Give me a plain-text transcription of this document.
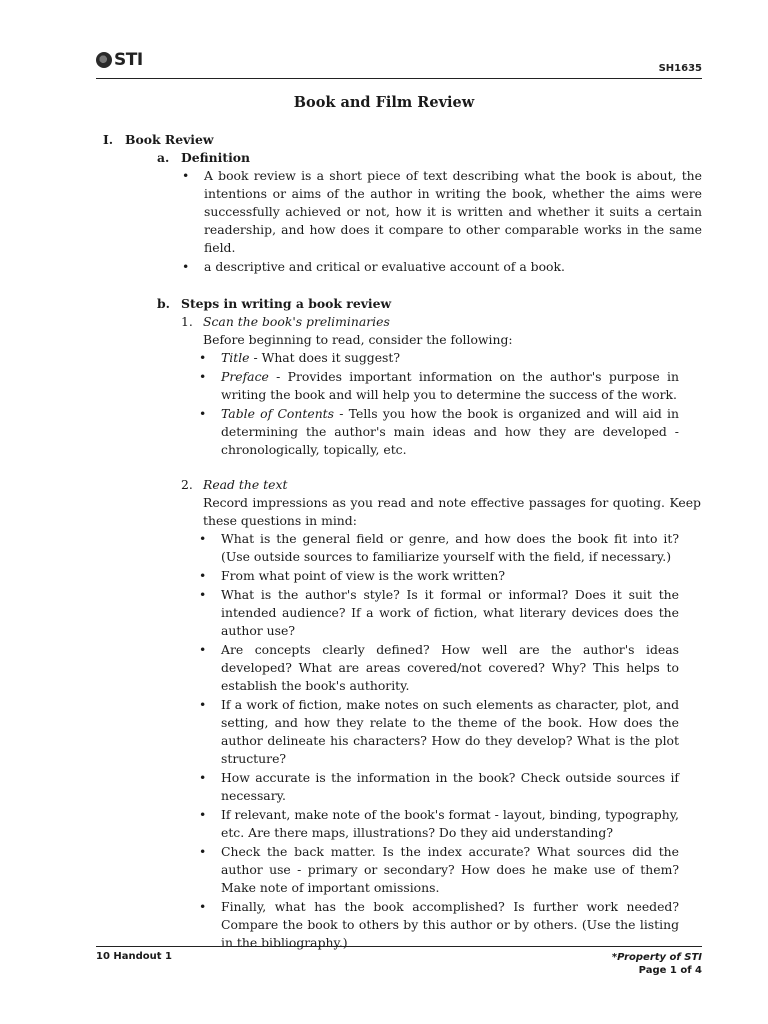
STI	SH1635
Book and Film Review
I. Book Review
a. Definition
• A book review is a short piece of text describing what the book is about, the intentions or aims of the author in writing the book, whether the aims were successfully achieved or not, how it is written and whether it suits a certain readership, and how does it compare to other comparable works in the same field.
• a descriptive and critical or evaluative account of a book.
b. Steps in writing a book review
1. Scan the book's preliminaries
Before beginning to read, consider the following:
• Title - What does it suggest?
• Preface - Provides important information on the author's purpose in writing the book and will help you to determine the success of the work.
• Table of Contents - Tells you how the book is organized and will aid in determining the author's main ideas and how they are developed - chronologically, topically, etc.
2. Read the text
Record impressions as you read and note effective passages for quoting. Keep these questions in mind:
• What is the general field or genre, and how does the book fit into it? (Use outside sources to familiarize yourself with the field, if necessary.)
• From what point of view is the work written?
• What is the author's style? Is it formal or informal? Does it suit the intended audience? If a work of fiction, what literary devices does the author use?
• Are concepts clearly defined? How well are the author's ideas developed? What are areas covered/not covered? Why? This helps to establish the book's authority.
• If a work of fiction, make notes on such elements as character, plot, and setting, and how they relate to the theme of the book. How does the author delineate his characters? How do they develop? What is the plot structure?
• How accurate is the information in the book? Check outside sources if necessary.
• If relevant, make note of the book's format - layout, binding, typography, etc. Are there maps, illustrations? Do they aid understanding?
• Check the back matter. Is the index accurate? What sources did the author use - primary or secondary? How does he make use of them? Make note of important omissions.
• Finally, what has the book accomplished? Is further work needed? Compare the book to others by this author or by others. (Use the listing in the bibliography.)
10 Handout 1	*Property of STI
Page 1 of 4
